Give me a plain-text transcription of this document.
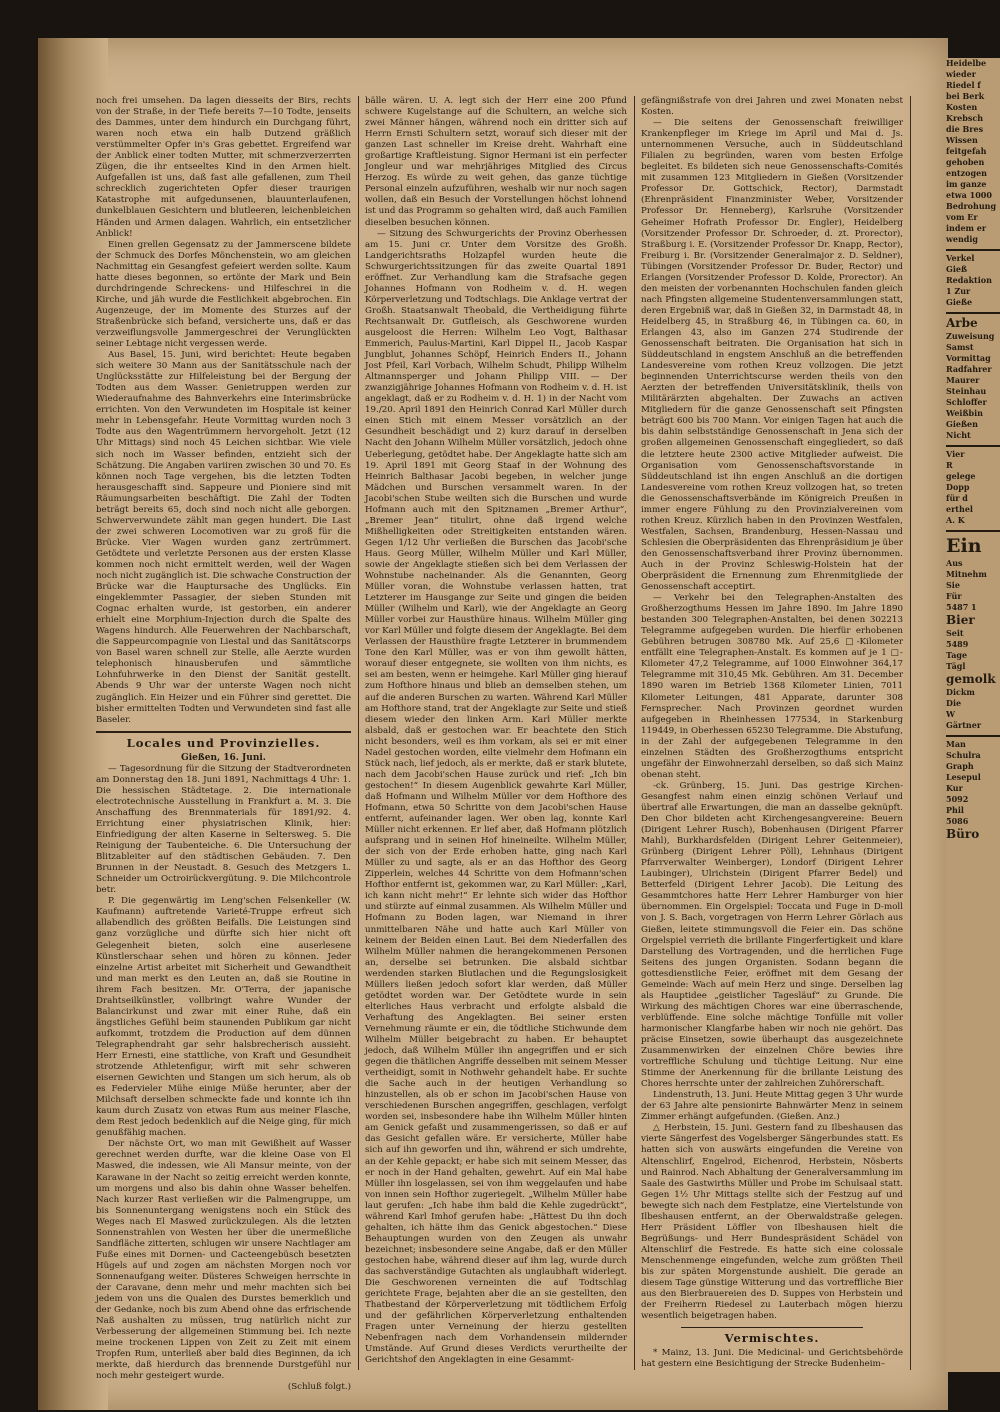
noch frei umsehen. Da lagen diesseits der Birs, rechts von der Straße, in der Tiefe bereits 7—10 Todte, jenseits des Dammes, unter dem hindurch ein Durchgang führt, waren noch etwa ein halb Dutzend gräßlich verstümmelter Opfer in's Gras gebettet. Ergreifend war der Anblick einer todten Mutter, mit schmerzverzerrten Zügen, die ihr entseeltes Kind in den Armen hielt. Aufgefallen ist uns, daß fast alle gefallenen, zum Theil schrecklich zugerichteten Opfer dieser traurigen Katastrophe mit aufgedunsenen, blauunterlaufenen, dunkelblauen Gesichtern und blutleeren, leichenbleichen Händen und Armen dalagen. Wahrlich, ein entsetzlicher Anblick!

Einen grellen Gegensatz zu der Jammerscene bildete der Schmuck des Dorfes Mönchenstein, wo am gleichen Nachmittag ein Gesangfest gefeiert werden sollte. Kaum hatte dieses begonnen, so ertönte der Mark und Bein durchdringende Schreckens- und Hilfeschrei in die Kirche, und jäh wurde die Festlichkeit abgebrochen. Ein Augenzeuge, der im Momente des Sturzes auf der Straßenbrücke sich befand, versicherte uns, daß er das verzweiflungsvolle Jammergeschrei der Verunglückten seiner Lebtage nicht vergessen werde.

Aus Basel, 15. Juni, wird berichtet: Heute begaben sich weitere 30 Mann aus der Sanitätsschule nach der Unglücksstätte zur Hilfeleistung bei der Bergung der Todten aus dem Wasser. Genietruppen werden zur Wiederaufnahme des Bahnverkehrs eine Interimsbrücke errichten. Von den Verwundeten im Hospitale ist keiner mehr in Lebensgefahr. Heute Vormittag wurden noch 3 Todte aus den Wagentrümmern hervorgeholt. Jetzt (12 Uhr Mittags) sind noch 45 Leichen sichtbar. Wie viele sich noch im Wasser befinden, entzieht sich der Schätzung. Die Angaben variiren zwischen 30 und 70. Es können noch Tage vergehen, bis die letzten Todten herausgeschafft sind. Sappeure und Pioniere sind mit Räumungsarbeiten beschäftigt. Die Zahl der Todten beträgt bereits 65, doch sind noch nicht alle geborgen. Schwerverwundete zählt man gegen hundert. Die Last der zwei schweren Locomotiven war zu groß für die Brücke. Vier Wagen wurden ganz zertrümmert. Getödtete und verletzte Personen aus der ersten Klasse kommen noch nicht ermittelt werden, weil der Wagen noch nicht zugänglich ist. Die schwache Construction der Brücke war die Hauptursache des Unglücks. Ein eingeklemmter Passagier, der sieben Stunden mit Cognac erhalten wurde, ist gestorben, ein anderer erhielt eine Morphium-Injection durch die Spalte des Wagens hindurch. Alle Feuerwehren der Nachbarschaft, die Sappeurcompagnie von Liestal und das Sanitätscorps von Basel waren schnell zur Stelle, alle Aerzte wurden telephonisch hinausberufen und sämmtliche Lohnfuhrwerke in den Dienst der Sanität gestellt. Abends 9 Uhr war der unterste Wagen noch nicht zugänglich. Ein Heizer und ein Führer sind gerettet. Die bisher ermittelten Todten und Verwundeten sind fast alle Baseler.

Locales und Provinzielles.
Gießen, 16. Juni.

— Tagesordnung für die Sitzung der Stadtverordneten am Donnerstag den 18. Juni 1891, Nachmittags 4 Uhr: 1. Die hessischen Städtetage. 2. Die internationale electrotechnische Ausstellung in Frankfurt a. M. 3. Die Anschaffung des Brennmaterials für 1891/92. 4. Errichtung einer physiatrischen Klinik, hier: Einfriedigung der alten Kaserne in Seltersweg. 5. Die Reinigung der Taubenteiche. 6. Die Untersuchung der Blitzableiter auf den städtischen Gebäuden. 7. Den Brunnen in der Neustadt. 8. Gesuch des Metzgers L. Schneider um Octroirückvergütung. 9. Die Milchcontrole betr.

P. Die gegenwärtig im Leng'schen Felsenkeller (W. Kaufmann) auftretende Varieté-Truppe erfreut sich allabendlich des größten Beifalls. Die Leistungen sind ganz vorzügliche und dürfte sich hier nicht oft Gelegenheit bieten, solch eine auserlesene Künstlerschaar sehen und hören zu können. Jeder einzelne Artist arbeitet mit Sicherheit und Gewandtheit und man merkt es den Leuten an, daß sie Routine in ihrem Fach besitzen. Mr. O'Terra, der japanische Drahtseilkünstler, vollbringt wahre Wunder der Balancirkunst und zwar mit einer Ruhe, daß ein ängstliches Gefühl beim staunenden Publikum gar nicht aufkommt, trotzdem die Production auf dem dünnen Telegraphendraht gar sehr halsbrecherisch aussieht. Herr Ernesti, eine stattliche, von Kraft und Gesundheit strotzende Athletenfigur, wirft mit sehr schweren eisernen Gewichten und Stangen um sich herum, als ob es Federvieler Mühe einige Müße herunter, aber der Milchsaft derselben schmeckte fade und konnte ich ihn kaum durch Zusatz von etwas Rum aus meiner Flasche, dem Rest jedoch bedenklich auf die Neige ging, für mich genußfähig machen.

Der nächste Ort, wo man mit Gewißheit auf Wasser gerechnet werden durfte, war die kleine Oase von El Maswed, die indessen, wie Ali Mansur meinte, von der Karawane in der Nacht so zeitig erreicht werden konnte, um morgens und also bis dahin ohne Wasser behelfen. Nach kurzer Rast verließen wir die Palmengruppe, um bis Sonnenuntergang wenigstens noch ein Stück des Weges nach El Maswed zurückzulegen. Als die letzten Sonnenstrahlen von Westen her über die unermeßliche Sandfläche zitterten, schlugen wir unsere Nachtlager am Fuße eines mit Dornen- und Cacteengebüsch besetzten Hügels auf und zogen am nächsten Morgen noch vor Sonnenaufgang weiter. Düsteres Schweigen herrschte in der Caravane, denn mehr und mehr machten sich bei jedem von uns die Qualen des Durstes bemerklich und der Gedanke, noch bis zum Abend ohne das erfrischende Naß aushalten zu müssen, trug natürlich nicht zur Verbesserung der allgemeinen Stimmung bei. Ich nezte meine trockenen Lippen von Zeit zu Zeit mit einem Tropfen Rum, unterließ aber bald dies Beginnen, da ich merkte, daß hierdurch das brennende Durstgefühl nur noch mehr gesteigert wurde.

(Schluß folgt.)

bälle wären. U. A. legt sich der Herr eine 200 Pfund schwere Kugelstange auf die Schultern, an welche sich zwei Männer hängen, während noch ein dritter sich auf Herrn Ernsti Schultern setzt, worauf sich dieser mit der ganzen Last schneller im Kreise dreht. Wahrhaft eine großartige Kraftleistung. Signor Hermani ist ein perfecter Jongleur und war mehrjähriges Mitglied des Circus Herzog. Es würde zu weit gehen, das ganze tüchtige Personal einzeln aufzuführen, weshalb wir nur noch sagen wollen, daß ein Besuch der Vorstellungen höchst lohnend ist und das Programm so gehalten wird, daß auch Familien dieselben besuchen können.

— Sitzung des Schwurgerichts der Provinz Oberhessen am 15. Juni cr. Unter dem Vorsitze des Großh. Landgerichtsraths Holzapfel wurden heute die Schwurgerichtssitzungen für das zweite Quartal 1891 eröffnet. Zur Verhandlung kam die Strafsache gegen Johannes Hofmann von Rodheim v. d. H. wegen Körperverletzung und Todtschlags. Die Anklage vertrat der Großh. Staatsanwalt Theobald, die Vertheidigung führte Rechtsanwalt Dr. Gutfleisch, als Geschworene wurden ausgeloost die Herren: Wilhelm Leo Vogt, Balthasar Emmerich, Paulus-Martini, Karl Dippel II., Jacob Kaspar Jungblut, Johannes Schöpf, Heinrich Enders II., Johann Jost Pfeil, Karl Vorbach, Wilhelm Schudt, Philipp Wilhelm Altmannsperger und Johann Philipp VIII. — Der zwanzigjährige Johannes Hofmann von Rodheim v. d. H. ist angeklagt, daß er zu Rodheim v. d. H. 1) in der Nacht vom 19./20. April 1891 den Heinrich Conrad Karl Müller durch einen Stich mit einem Messer vorsätzlich an der Gesundheit beschädigt und 2) kurz darauf in derselben Nacht den Johann Wilhelm Müller vorsätzlich, jedoch ohne Ueberlegung, getödtet habe. Der Angeklagte hatte sich am 19. April 1891 mit Georg Staaf in der Wohnung des Heinrich Balthasar Jacobi begeben, in welcher junge Mädchen und Burschen versammelt waren. In der Jacobi'schen Stube weilten sich die Burschen und wurde Hofmann auch mit den Spitznamen „Bremer Arthur“, „Bremer Jean“ titulirt, ohne daß irgend welche Mißhelligkeiten oder Streitigkeiten entstanden wären. Gegen 1/12 Uhr verließen die Burschen das Jacobi'sche Haus. Georg Müller, Wilhelm Müller und Karl Müller, sowie der Angeklagte stießen sich bei dem Verlassen der Wohnstube nacheinander. Als die Genannten, Georg Müller voran, die Wohnstube verlassen hatten, trat Letzterer im Hausgange zur Seite und gingen die beiden Müller (Wilhelm und Karl), wie der Angeklagte an Georg Müller vorbei zur Hausthüre hinaus. Wilhelm Müller ging vor Karl Müller und folgte diesem der Angeklagte. Bei dem Verlassen der Hausthüre fragte Letzterer in brummendem Tone den Karl Müller, was er von ihm gewollt hätten, worauf dieser entgegnete, sie wollten von ihm nichts, es sei am besten, wenn er heimgehe. Karl Müller ging hierauf zum Hofthore hinaus und blieb an demselben stehen, um auf die anderen Burschen zu warten. Während Karl Müller am Hofthore stand, trat der Angeklagte zur Seite und stieß diesem wieder den linken Arm. Karl Müller merkte alsbald, daß er gestochen war. Er beachtete den Stich nicht besonders, weil es ihm vorkam, als sei er mit einer Nadel gestochen worden, eilte vielmehr dem Hofmann ein Stück nach, lief jedoch, als er merkte, daß er stark blutete, nach dem Jacobi'schen Hause zurück und rief: „Ich bin gestochen!“ In diesem Augenblick gewahrte Karl Müller, daß Hofmann und Wilhelm Müller vor dem Hofthore des Hofmann, etwa 50 Schritte von dem Jacobi'schen Hause entfernt, aufeinander lagen. Wer oben lag, konnte Karl Müller nicht erkennen. Er lief aber, daß Hofmann plötzlich aufsprang und in seinen Hof hineineilte. Wilhelm Müller, der sich von der Erde erhoben hatte, ging nach Karl Müller zu und sagte, als er an das Hofthor des Georg Zipperlein, welches 44 Schritte von dem Hofmann'schen Hofthor entfernt ist, gekommen war, zu Karl Müller: „Karl, ich kann nicht mehr!“ Er lehnte sich wider das Hofthor und stürzte auf einmal zusammen. Als Wilhelm Müller und Hofmann zu Boden lagen, war Niemand in ihrer unmittelbaren Nähe und hatte auch Karl Müller von keinem der Beiden einen Laut. Bei dem Niederfallen des Wilhelm Müller nahmen die herangekommenen Personen an, derselbe sei betrunken. Die alsbald sichtbar werdenden starken Blutlachen und die Regungslosigkeit Müllers ließen jedoch sofort klar werden, daß Müller getödtet worden war. Der Getödtete wurde in sein elterliches Haus verbracht und erfolgte alsbald die Verhaftung des Angeklagten. Bei seiner ersten Vernehmung räumte er ein, die tödtliche Stichwunde dem Wilhelm Müller beigebracht zu haben. Er behauptet jedoch, daß Wilhelm Müller ihn angegriffen und er sich gegen die thätlichen Angriffe desselben mit seinem Messer vertheidigt, somit in Nothwehr gehandelt habe. Er suchte die Sache auch in der heutigen Verhandlung so hinzustellen, als ob er schon im Jacobi'schen Hause von verschiedenen Burschen angegriffen, geschlagen, verfolgt worden sei, insbesondere habe ihn Wilhelm Müller hinten am Genick gefaßt und zusammengerissen, so daß er auf das Gesicht gefallen wäre. Er versicherte, Müller habe sich auf ihn geworfen und ihn, während er sich umdrehte, an der Kehle gepackt; er habe sich mit seinem Messer, das er noch in der Hand gehalten, gewehrt. Auf ein Mal habe Müller ihn losgelassen, sei von ihm weggelaufen und habe von innen sein Hofthor zugeriegelt. „Wilhelm Müller habe laut gerufen: „Ich habe ihm bald die Kehle zugedrückt“, während Karl Imhof gerufen habe: „Hättest Du ihn doch gehalten, ich hätte ihm das Genick abgestochen.“ Diese Behauptungen wurden von den Zeugen als unwahr bezeichnet; insbesondere seine Angabe, daß er den Müller gestochen habe, während dieser auf ihm lag, wurde durch das sachverständige Gutachten als unglaubhaft widerlegt. Die Geschworenen verneinten die auf Todtschlag gerichtete Frage, bejahten aber die an sie gestellten, den Thatbestand der Körperverletzung mit tödtlichem Erfolg und der gefährlichen Körperverletzung enthaltenden Fragen unter Verneinung der hierzu gestellten Nebenfragen nach dem Vorhandensein mildernder Umstände. Auf Grund dieses Verdicts verurtheilte der Gerichtshof den Angeklagten in eine Gesammt-

gefängnißstrafe von drei Jahren und zwei Monaten nebst Kosten.

— Die seitens der Genossenschaft freiwilliger Krankenpfleger im Kriege im April und Mai d. Js. unternommenen Versuche, auch in Süddeutschland Filialen zu begründen, waren vom besten Erfolge begleitet. Es bildeten sich neue Genossenschafts-Comités mit zusammen 123 Mitgliedern in Gießen (Vorsitzender Professor Dr. Gottschick, Rector), Darmstadt (Ehrenpräsident Finanzminister Weber, Vorsitzender Professor Dr. Henneberg), Karlsruhe (Vorsitzender Geheimer Hofrath Professor Dr. Engler), Heidelberg (Vorsitzender Professor Dr. Schroeder, d. zt. Prorector), Straßburg i. E. (Vorsitzender Professor Dr. Knapp, Rector), Freiburg i. Br. (Vorsitzender Generalmajor z. D. Seldner), Tübingen (Vorsitzender Professor Dr. Buder, Rector) und Erlangen (Vorsitzender Professor D. Kolde, Prorector). An den meisten der vorbenannten Hochschulen fanden gleich nach Pfingsten allgemeine Studentenversammlungen statt, deren Ergebniß war, daß in Gießen 32, in Darmstadt 48, in Heidelberg 45, in Straßburg 46, in Tübingen ca. 60, in Erlangen 43, also im Ganzen 274 Studirende der Genossenschaft beitraten. Die Organisation hat sich in Süddeutschland in engstem Anschluß an die betreffenden Landesvereine vom rothen Kreuz vollzogen. Die jetzt beginnenden Unterrichtscurse werden theils von den Aerzten der betreffenden Universitätsklinik, theils von Militärärzten abgehalten. Der Zuwachs an activen Mitgliedern für die ganze Genossenschaft seit Pfingsten beträgt 600 bis 700 Mann. Vor einigen Tagen hat auch die bis dahin selbstständige Genossenschaft in Jena sich der großen allgemeinen Genossenschaft eingegliedert, so daß die letztere heute 2300 active Mitglieder aufweist. Die Organisation vom Genossenschaftsvorstande in Süddeutschland ist ihn engen Anschluß an die dortigen Landesvereine vom rothen Kreuz vollzogen hat, so treten die Genossenschaftsverbände im Königreich Preußen in immer engere Fühlung zu den Provinzialvereinen vom rothen Kreuz. Kürzlich haben in den Provinzen Westfalen, Westfalen, Sachsen, Brandenburg, Hessen-Nassau und Schlesien die Oberpräsidenten das Ehrenpräsidium je über den Genossenschaftsverband ihrer Provinz übernommen. Auch in der Provinz Schleswig-Holstein hat der Oberpräsident die Ernennung zum Ehrenmitgliede der Genossenschaft acceptirt.

— Verkehr bei den Telegraphen-Anstalten des Großherzogthums Hessen im Jahre 1890. Im Jahre 1890 bestanden 300 Telegraphen-Anstalten, bei denen 302213 Telegramme aufgegeben wurden. Die hierfür erhobenen Gebühren betrugen 308780 Mk. Auf 25,6 □-Kilometer entfällt eine Telegraphen-Anstalt. Es kommen auf je 1 □-Kilometer 47,2 Telegramme, auf 1000 Einwohner 364,17 Telegramme mit 310,45 Mk. Gebühren. Am 31. December 1890 waren im Betrieb 1368 Kilometer Linien, 7011 Kilometer Leitungen, 481 Apparate, darunter 308 Fernsprecher. Nach Provinzen geordnet wurden aufgegeben in Rheinhessen 177534, in Starkenburg 119449, in Oberhessen 65230 Telegramme. Die Abstufung, in der Zahl der aufgegebenen Telegramme in den einzelnen Städten des Großherzogthums entspricht ungefähr der Einwohnerzahl derselben, so daß sich Mainz obenan steht.

-ck. Grünberg, 15. Juni. Das gestrige Kirchen-Gesangfest nahm einen einzig schönen Verlauf und übertraf alle Erwartungen, die man an dasselbe geknüpft. Den Chor bildeten acht Kirchengesangvereine: Beuern (Dirigent Lehrer Rusch), Bobenhausen (Dirigent Pfarrer Mahl), Burkhardsfelden (Dirigent Lehrer Geitenmeier), Grünberg (Dirigent Lehrer Pöll), Lehnhaus (Dirigent Pfarrverwalter Weinberger), Londorf (Dirigent Lehrer Laubinger), Ulrichstein (Dirigent Pfarrer Bedel) und Betterfeld (Dirigent Lehrer Jacob). Die Leitung des Gesammtchores hatte Herr Lehrer Hamburger von hier übernommen. Ein Orgelspiel: Toccata und Fuge in D-moll von J. S. Bach, vorgetragen von Herrn Lehrer Görlach aus Gießen, leitete stimmungsvoll die Feier ein. Das schöne Orgelspiel verrieth die brillante Fingerfertigkeit und klare Darstellung des Vortragenden, und die herrlichen Fuge Seitens des jungen Organisten. Sodann begann die gottesdienstliche Feier, eröffnet mit dem Gesang der Gemeinde: Wach auf mein Herz und singe. Derselben lag als Hauptidee „geistlicher Tagesläuf“ zu Grunde. Die Wirkung des mächtigen Chores war eine überraschende, verblüffende. Eine solche mächtige Tonfülle mit voller harmonischer Klangfarbe haben wir noch nie gehört. Das präcise Einsetzen, sowie überhaupt das ausgezeichnete Zusammenwirken der einzelnen Chöre bewies ihre vortreffliche Schulung und tüchtige Leitung. Nur eine Stimme der Anerkennung für die brillante Leistung des Chores herrschte unter der zahlreichen Zuhörerschaft.

Lindenstruth, 13. Juni. Heute Mittag gegen 3 Uhr wurde der 63 Jahre alte pensionirte Bahnwärter Menz in seinem Zimmer erhängt aufgefunden. (Gießen. Anz.)

△ Herbstein, 15. Juni. Gestern fand zu Ilbeshausen das vierte Sängerfest des Vogelsberger Sängerbundes statt. Es hatten sich von auswärts eingefunden die Vereine von Altenschlirf, Engelrod, Eichenrod, Herbstein, Nösberts und Rainrod. Nach Abhaltung der Generalversammlung im Saale des Gastwirths Müller und Probe im Schulsaal statt. Gegen 1½ Uhr Mittags stellte sich der Festzug auf und bewegte sich nach dem Festplatze, eine Viertelstunde von Ilbeshausen entfernt, an der Oberwaldstraße gelegen. Herr Präsident Löffler von Ilbeshausen hielt die Begrüßungs- und Herr Bundespräsident Schädel von Altenschlirf die Festrede. Es hatte sich eine colossale Menschenmenge eingefunden, welche zum größten Theil bis zur späten Morgenstunde aushielt. Die gerade an diesem Tage günstige Witterung und das vortreffliche Bier aus den Bierbrauereien des D. Suppes von Herbstein und der Freiherrn Riedesel zu Lauterbach mögen hierzu wesentlich beigetragen haben.

Vermischtes.

* Mainz, 13. Juni. Die Medicinal- und Gerichtsbehörde hat gestern eine Besichtigung der Strecke Budenheim–

Heidelbe
wieder
Riedel f
bei Berk
Kosten
Krebsch
die Bres
Wissen
feitgefah
gehoben
entzogen
im ganze
etwa 1000
Bedrohung
vom Er
indem er
wendig
Verkel
Gieß
Redaktion
1 Zur
Gieße
Arbe
Zuweisung
Samst
Vormittag
Radfahrer
Maurer
Steinhau
Schloffer
Weißbin
Gießen
Nicht
Vier
R
gelege
Dopp
für d
erthel
A. K
Ein
Aus
Mitnehm
Sie
Für
5487 1
Bier
Seit
5489
Tage
Tägl
gemolk
Dickm
Die
W
Gärtner
Man
Schulra
Graph
Lesepul
Kur
5092
Phil
5086
Büro
